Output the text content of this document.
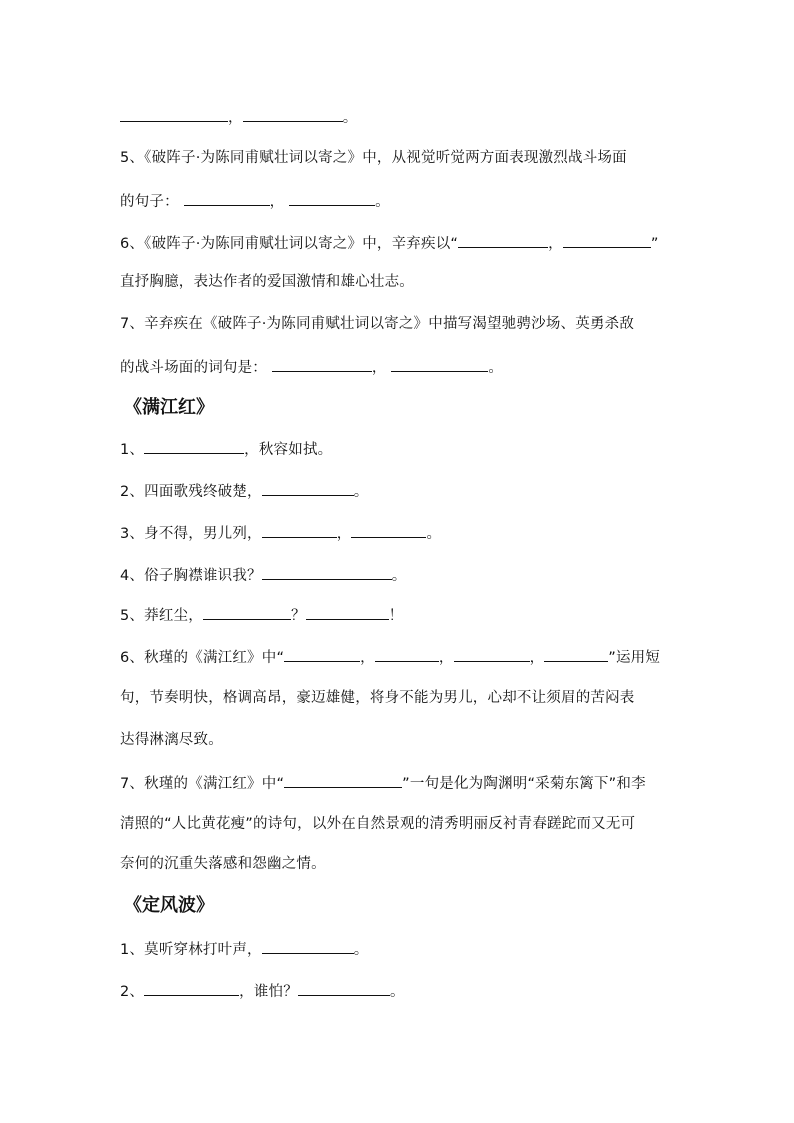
，	。
5、《破阵子·为陈同甫赋壮词以寄之》中，从视觉听觉两方面表现激烈战斗场面
的句子：	，	。
6、《破阵子·为陈同甫赋壮词以寄之》中，辛弃疾以“	，	”
直抒胸臆，表达作者的爱国激情和雄心壮志。
7、辛弃疾在《破阵子·为陈同甫赋壮词以寄之》中描写渴望驰骋沙场、英勇杀敌
的战斗场面的词句是：	，	。
《满江红》
1、	，秋容如拭。
2、四面歌残终破楚，	。
3、身不得，男儿列，	，	。
4、俗子胸襟谁识我？	。
5、莽红尘，	？	！
6、秋瑾的《满江红》中“	，	，	，	”运用短
句，节奏明快，格调高昂，豪迈雄健，将身不能为男儿，心却不让须眉的苦闷表
达得淋漓尽致。
7、秋瑾的《满江红》中“	”一句是化为陶渊明“采菊东篱下”和李
清照的“人比黄花瘦”的诗句，以外在自然景观的清秀明丽反衬青春蹉跎而又无可
奈何的沉重失落感和怨幽之情。
《定风波》
1、莫听穿林打叶声，	。
2、	，谁怕？	。
